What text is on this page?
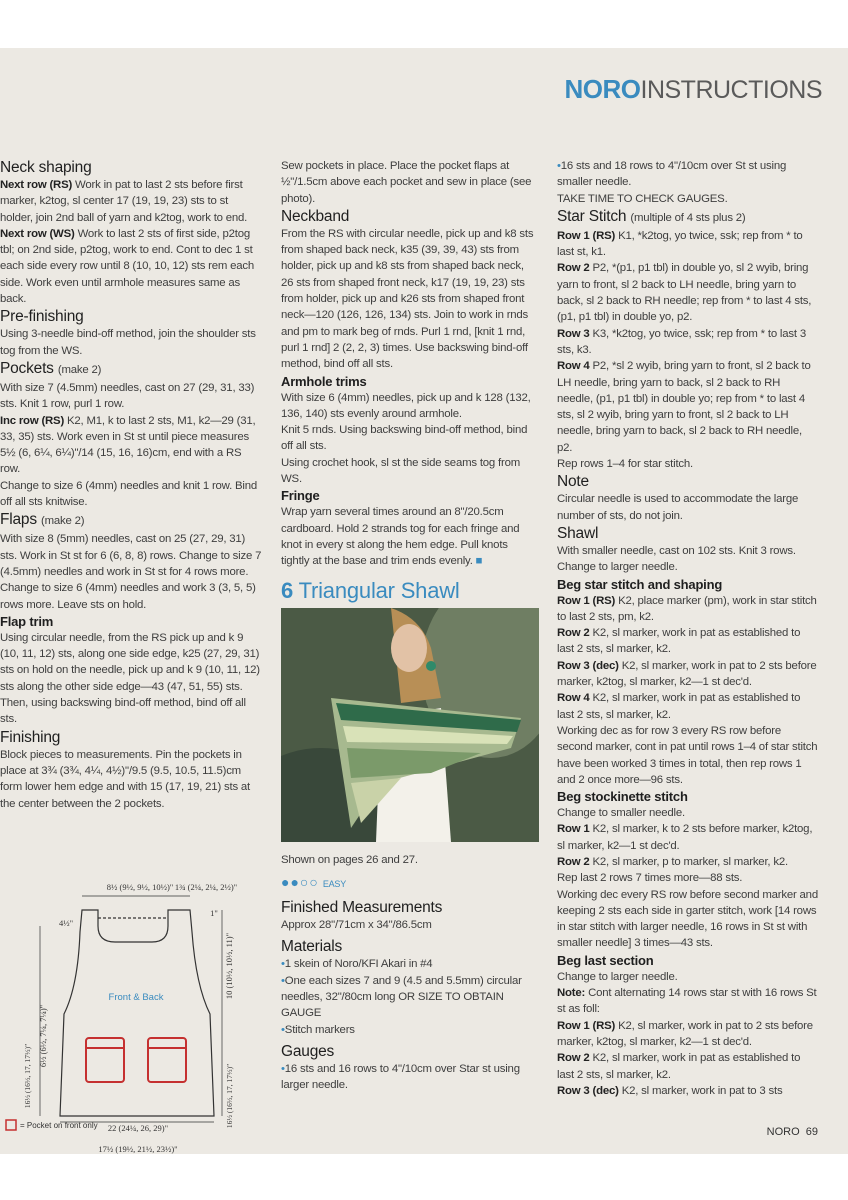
NOROINSTRUCTIONS
Neck shaping

Next row (RS) Work in pat to last 2 sts before first marker, k2tog, sl center 17 (19, 19, 23) sts to st holder, join 2nd ball of yarn and k2tog, work to end.

Next row (WS) Work to last 2 sts of first side, p2tog tbl; on 2nd side, p2tog, work to end. Cont to dec 1 st each side every row until 8 (10, 10, 12) sts rem each side. Work even until armhole measures same as back.

Pre-finishing

Using 3-needle bind-off method, join the shoulder sts tog from the WS.

Pockets (make 2)

With size 7 (4.5mm) needles, cast on 27 (29, 31, 33) sts. Knit 1 row, purl 1 row.

Inc row (RS) K2, M1, k to last 2 sts, M1, k2—29 (31, 33, 35) sts. Work even in St st until piece measures 5½ (6, 6¼, 6¼)"/14 (15, 16, 16)cm, end with a RS row.

Change to size 6 (4mm) needles and knit 1 row. Bind off all sts knitwise.

Flaps (make 2)

With size 8 (5mm) needles, cast on 25 (27, 29, 31) sts. Work in St st for 6 (6, 8, 8) rows. Change to size 7 (4.5mm) needles and work in St st for 4 rows more. Change to size 6 (4mm) needles and work 3 (3, 5, 5) rows more. Leave sts on hold.

Flap trim

Using circular needle, from the RS pick up and k 9 (10, 11, 12) sts, along one side edge, k25 (27, 29, 31) sts on hold on the needle, pick up and k 9 (10, 11, 12) sts along the other side edge—43 (47, 51, 55) sts. Then, using backswing bind-off method, bind off all sts.

Finishing

Block pieces to measurements. Pin the pockets in place at 3¾ (3¾, 4¼, 4½)"/9.5 (9.5, 10.5, 11.5)cm form lower hem edge and with 15 (17, 19, 21) sts at the center between the 2 pockets.

8½ (9½, 9½, 10½)" 1¾ (2¼, 2¼, 2½)"
4½"
1"
6½ (6½, 7¼, 7¼)"
10 (10½, 10½, 11)"
16½ (16½, 17, 17½)"	16½ (16½, 17, 17½)"
22 (24¼, 26, 29)"
17½ (19½, 21½, 23½)"
Front & Back
= Pocket on front only

Sew pockets in place. Place the pocket flaps at ½"/1.5cm above each pocket and sew in place (see photo).

Neckband

From the RS with circular needle, pick up and k8 sts from shaped back neck, k35 (39, 39, 43) sts from holder, pick up and k8 sts from shaped back neck, 26 sts from shaped front neck, k17 (19, 19, 23) sts from holder, pick up and k26 sts from shaped front neck—120 (126, 126, 134) sts. Join to work in rnds and pm to mark beg of rnds. Purl 1 rnd, [knit 1 rnd, purl 1 rnd] 2 (2, 2, 3) times. Use backswing bind-off method, bind off all sts.

Armhole trims

With size 6 (4mm) needles, pick up and k 128 (132, 136, 140) sts evenly around armhole.

Knit 5 rnds. Using backswing bind-off method, bind off all sts.

Using crochet hook, sl st the side seams tog from WS.

Fringe

Wrap yarn several times around an 8"/20.5cm cardboard. Hold 2 strands tog for each fringe and knot in every st along the hem edge. Pull knots tightly at the base and trim ends evenly. ■

6 Triangular Shawl

Shown on pages 26 and 27.

●●○○ EASY

Finished Measurements

Approx 28"/71cm x 34"/86.5cm

Materials

•1 skein of Noro/KFI Akari in #4

•One each sizes 7 and 9 (4.5 and 5.5mm) circular needles, 32"/80cm long OR SIZE TO OBTAIN GAUGE

•Stitch markers

Gauges

•16 sts and 16 rows to 4"/10cm over Star st using larger needle.

•16 sts and 18 rows to 4"/10cm over St st using smaller needle.

TAKE TIME TO CHECK GAUGES.

Star Stitch (multiple of 4 sts plus 2)

Row 1 (RS) K1, *k2tog, yo twice, ssk; rep from * to last st, k1.

Row 2 P2, *(p1, p1 tbl) in double yo, sl 2 wyib, bring yarn to front, sl 2 back to LH needle, bring yarn to back, sl 2 back to RH needle; rep from * to last 4 sts, (p1, p1 tbl) in double yo, p2.

Row 3 K3, *k2tog, yo twice, ssk; rep from * to last 3 sts, k3.

Row 4 P2, *sl 2 wyib, bring yarn to front, sl 2 back to LH needle, bring yarn to back, sl 2 back to RH needle, (p1, p1 tbl) in double yo; rep from * to last 4 sts, sl 2 wyib, bring yarn to front, sl 2 back to LH needle, bring yarn to back, sl 2 back to RH needle, p2.

Rep rows 1–4 for star stitch.

Note

Circular needle is used to accommodate the large number of sts, do not join.

Shawl

With smaller needle, cast on 102 sts. Knit 3 rows. Change to larger needle.

Beg star stitch and shaping

Row 1 (RS) K2, place marker (pm), work in star stitch to last 2 sts, pm, k2.

Row 2 K2, sl marker, work in pat as established to last 2 sts, sl marker, k2.

Row 3 (dec) K2, sl marker, work in pat to 2 sts before marker, k2tog, sl marker, k2—1 st dec'd.

Row 4 K2, sl marker, work in pat as established to last 2 sts, sl marker, k2.

Working dec as for row 3 every RS row before second marker, cont in pat until rows 1–4 of star stitch have been worked 3 times in total, then rep rows 1 and 2 once more—96 sts.

Beg stockinette stitch

Change to smaller needle.

Row 1 K2, sl marker, k to 2 sts before marker, k2tog, sl marker, k2—1 st dec'd.

Row 2 K2, sl marker, p to marker, sl marker, k2.

Rep last 2 rows 7 times more—88 sts.

Working dec every RS row before second marker and keeping 2 sts each side in garter stitch, work [14 rows in star stitch with larger needle, 16 rows in St st with smaller needle] 3 times—43 sts.

Beg last section

Change to larger needle.

Note: Cont alternating 14 rows star st with 16 rows St st as foll:

Row 1 (RS) K2, sl marker, work in pat to 2 sts before marker, k2tog, sl marker, k2—1 st dec'd.

Row 2 K2, sl marker, work in pat as established to last 2 sts, sl marker, k2.

Row 3 (dec) K2, sl marker, work in pat to 3 sts

NORO 69
